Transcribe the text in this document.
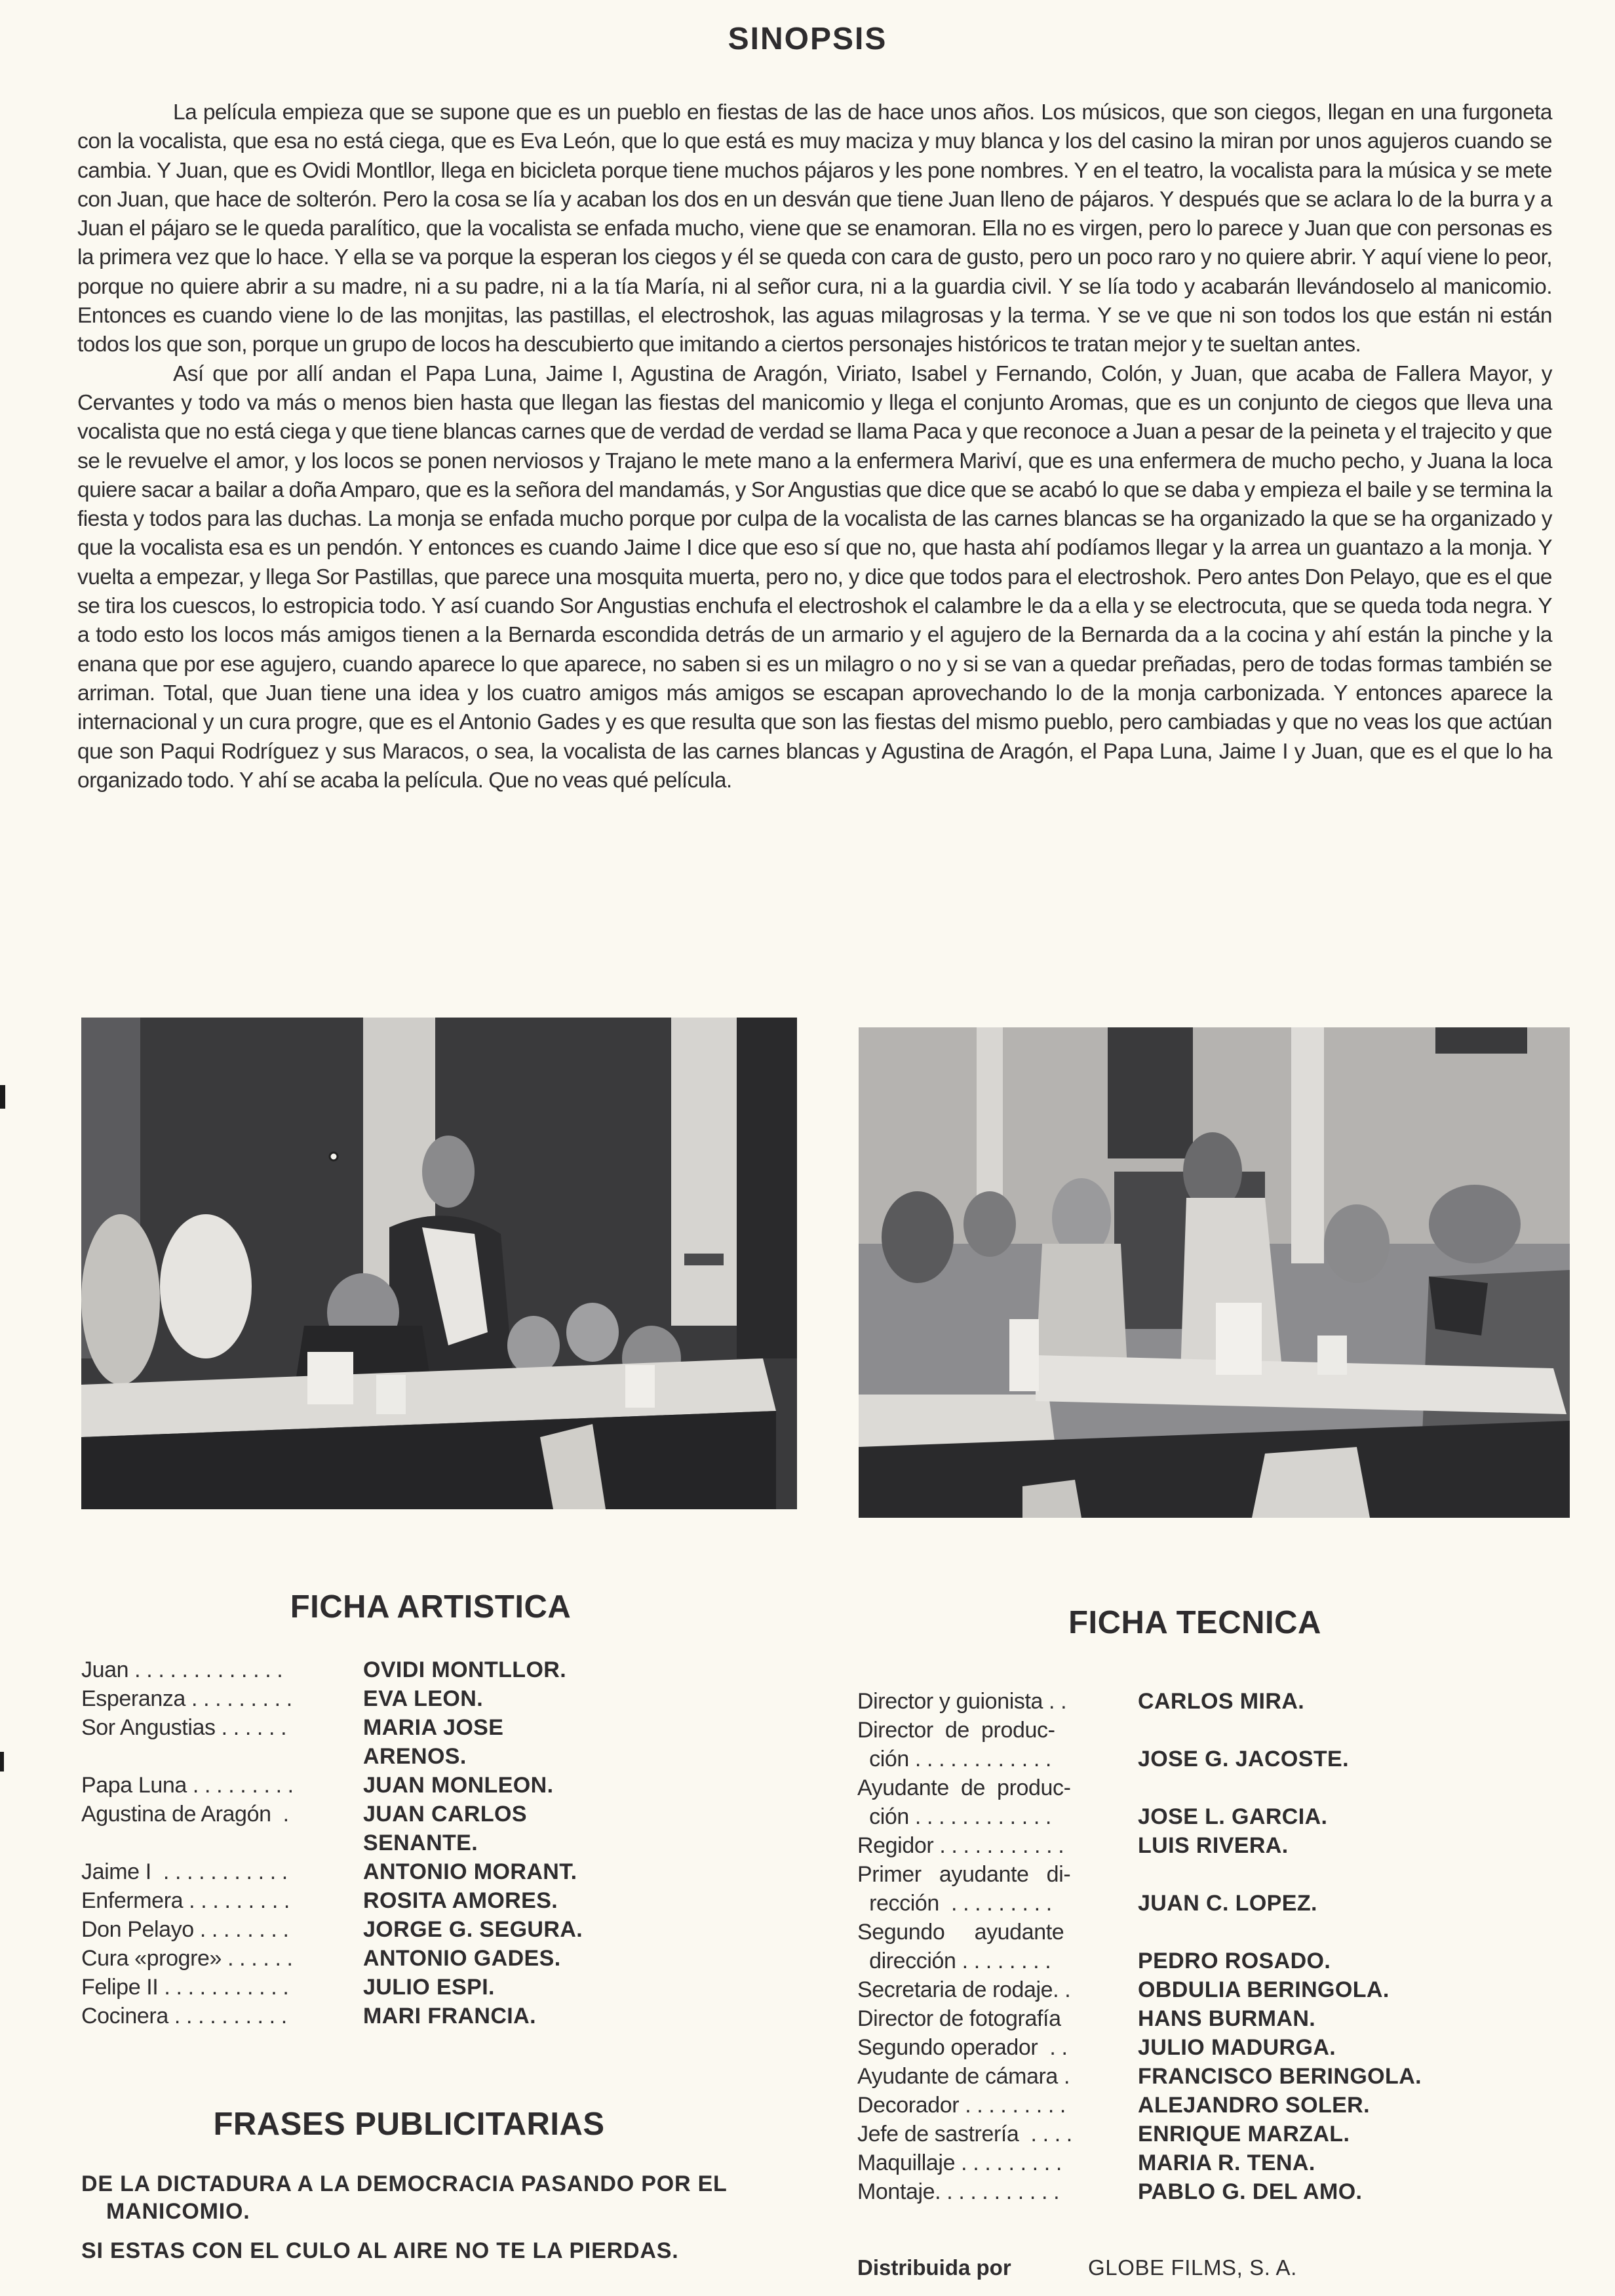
SINOPSIS

La película empieza que se supone que es un pueblo en fiestas de las de hace unos años. Los músicos, que son ciegos, llegan en una furgoneta con la vocalista, que esa no está ciega, que es Eva León, que lo que está es muy maciza y muy blanca y los del casino la miran por unos agujeros cuando se cambia. Y Juan, que es Ovidi Montllor, llega en bicicleta porque tiene muchos pájaros y les pone nombres. Y en el teatro, la vocalista para la música y se mete con Juan, que hace de solterón. Pero la cosa se lía y acaban los dos en un desván que tiene Juan lleno de pájaros. Y después que se aclara lo de la burra y a Juan el pájaro se le queda paralítico, que la vocalista se enfada mucho, viene que se enamoran. Ella no es virgen, pero lo parece y Juan que con personas es la primera vez que lo hace. Y ella se va porque la esperan los ciegos y él se queda con cara de gusto, pero un poco raro y no quiere abrir. Y aquí viene lo peor, porque no quiere abrir a su madre, ni a su padre, ni a la tía María, ni al señor cura, ni a la guardia civil. Y se lía todo y acabarán llevándoselo al manicomio. Entonces es cuando viene lo de las monjitas, las pastillas, el electroshok, las aguas milagrosas y la terma. Y se ve que ni son todos los que están ni están todos los que son, porque un grupo de locos ha descubierto que imitando a ciertos personajes históricos te tratan mejor y te sueltan antes.

Así que por allí andan el Papa Luna, Jaime I, Agustina de Aragón, Viriato, Isabel y Fernando, Colón, y Juan, que acaba de Fallera Mayor, y Cervantes y todo va más o menos bien hasta que llegan las fiestas del manicomio y llega el conjunto Aromas, que es un conjunto de ciegos que lleva una vocalista que no está ciega y que tiene blancas carnes que de verdad de verdad se llama Paca y que reconoce a Juan a pesar de la peineta y el trajecito y que se le revuelve el amor, y los locos se ponen nerviosos y Trajano le mete mano a la enfermera Mariví, que es una enfermera de mucho pecho, y Juana la loca quiere sacar a bailar a doña Amparo, que es la señora del mandamás, y Sor Angustias que dice que se acabó lo que se daba y empieza el baile y se termina la fiesta y todos para las duchas. La monja se enfada mucho porque por culpa de la vocalista de las carnes blancas se ha organizado la que se ha organizado y que la vocalista esa es un pendón. Y entonces es cuando Jaime I dice que eso sí que no, que hasta ahí podíamos llegar y la arrea un guantazo a la monja. Y vuelta a empezar, y llega Sor Pastillas, que parece una mosquita muerta, pero no, y dice que todos para el electroshok. Pero antes Don Pelayo, que es el que se tira los cuescos, lo estropicia todo. Y así cuando Sor Angustias enchufa el electroshok el calambre le da a ella y se electrocuta, que se queda toda negra. Y a todo esto los locos más amigos tienen a la Bernarda escondida detrás de un armario y el agujero de la Bernarda da a la cocina y ahí están la pinche y la enana que por ese agujero, cuando aparece lo que aparece, no saben si es un milagro o no y si se van a quedar preñadas, pero de todas formas también se arriman. Total, que Juan tiene una idea y los cuatro amigos más amigos se escapan aprovechando lo de la monja carbonizada. Y entonces aparece la internacional y un cura progre, que es el Antonio Gades y es que resulta que son las fiestas del mismo pueblo, pero cambiadas y que no veas los que actúan que son Paqui Rodríguez y sus Maracos, o sea, la vocalista de las carnes blancas y Agustina de Aragón, el Papa Luna, Jaime I y Juan, que es el que lo ha organizado todo. Y ahí se acaba la película. Que no veas qué película.

FICHA ARTISTICA
Juan . . . . . . . . . . . . .	OVIDI MONTLLOR.
Esperanza . . . . . . . . .	EVA LEON.
Sor Angustias . . . . . .	MARIA JOSE
ARENOS.
Papa Luna . . . . . . . . .	JUAN MONLEON.
Agustina de Aragón  .	JUAN CARLOS
SENANTE.
Jaime I  . . . . . . . . . . .	ANTONIO MORANT.
Enfermera . . . . . . . . .	ROSITA AMORES.
Don Pelayo . . . . . . . .	JORGE G. SEGURA.
Cura «progre» . . . . . .	ANTONIO GADES.
Felipe II . . . . . . . . . . .	JULIO ESPI.
Cocinera . . . . . . . . . .	MARI FRANCIA.
FICHA TECNICA
Director y guionista . .	CARLOS MIRA.
Director  de  produc-
ción . . . . . . . . . . . .	JOSE G. JACOSTE.
Ayudante  de  produc-
ción . . . . . . . . . . . .	JOSE L. GARCIA.
Regidor . . . . . . . . . . .	LUIS RIVERA.
Primer   ayudante   di-
rección  . . . . . . . . .	JUAN C. LOPEZ.
Segundo     ayudante
dirección . . . . . . . .	PEDRO ROSADO.
Secretaria de rodaje. .	OBDULIA BERINGOLA.
Director de fotografía	HANS BURMAN.
Segundo operador  . .	JULIO MADURGA.
Ayudante de cámara .	FRANCISCO BERINGOLA.
Decorador . . . . . . . . .	ALEJANDRO SOLER.
Jefe de sastrería  . . . .	ENRIQUE MARZAL.
Maquillaje . . . . . . . . .	MARIA R. TENA.
Montaje. . . . . . . . . . .	PABLO G. DEL AMO.
FRASES PUBLICITARIAS

DE LA DICTADURA A LA DEMOCRACIA PASANDO POR EL MANICOMIO.

SI ESTAS CON EL CULO AL AIRE NO TE LA PIERDAS.

Distribuida por	GLOBE FILMS, S. A.
